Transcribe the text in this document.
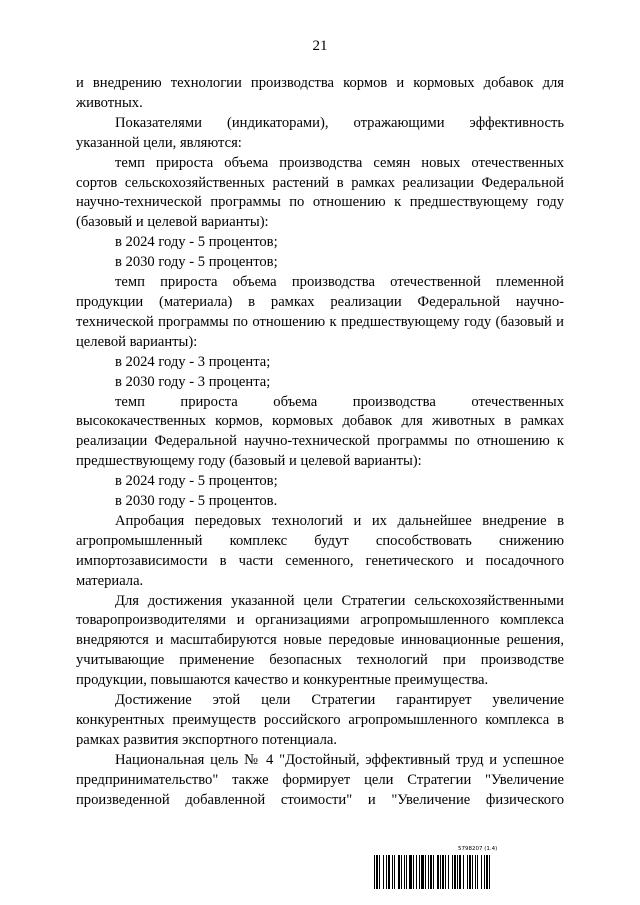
21

и внедрению технологии производства кормов и кормовых добавок для животных.

Показателями (индикаторами), отражающими эффективность указанной цели, являются:

темп прироста объема производства семян новых отечественных сортов сельскохозяйственных растений в рамках реализации Федеральной научно-технической программы по отношению к предшествующему году (базовый и целевой варианты):

в 2024 году - 5 процентов;

в 2030 году - 5 процентов;

темп прироста объема производства отечественной племенной продукции (материала) в рамках реализации Федеральной научно-технической программы по отношению к предшествующему году (базовый и целевой варианты):

в 2024 году - 3 процента;

в 2030 году - 3 процента;

темп прироста объема производства отечественных высококачественных кормов, кормовых добавок для животных в рамках реализации Федеральной научно-технической программы по отношению к предшествующему году (базовый и целевой варианты):

в 2024 году - 5 процентов;

в 2030 году - 5 процентов.

Апробация передовых технологий и их дальнейшее внедрение в агропромышленный комплекс будут способствовать снижению импортозависимости в части семенного, генетического и посадочного материала.

Для достижения указанной цели Стратегии сельскохозяйственными товаропроизводителями и организациями агропромышленного комплекса внедряются и масштабируются новые передовые инновационные решения, учитывающие применение безопасных технологий при производстве продукции, повышаются качество и конкурентные преимущества.

Достижение этой цели Стратегии гарантирует увеличение конкурентных преимуществ российского агропромышленного комплекса в рамках развития экспортного потенциала.

Национальная цель № 4 "Достойный, эффективный труд и успешное предпринимательство" также формирует цели Стратегии "Увеличение произведенной добавленной стоимости" и "Увеличение физического

5798207 (1.4)
